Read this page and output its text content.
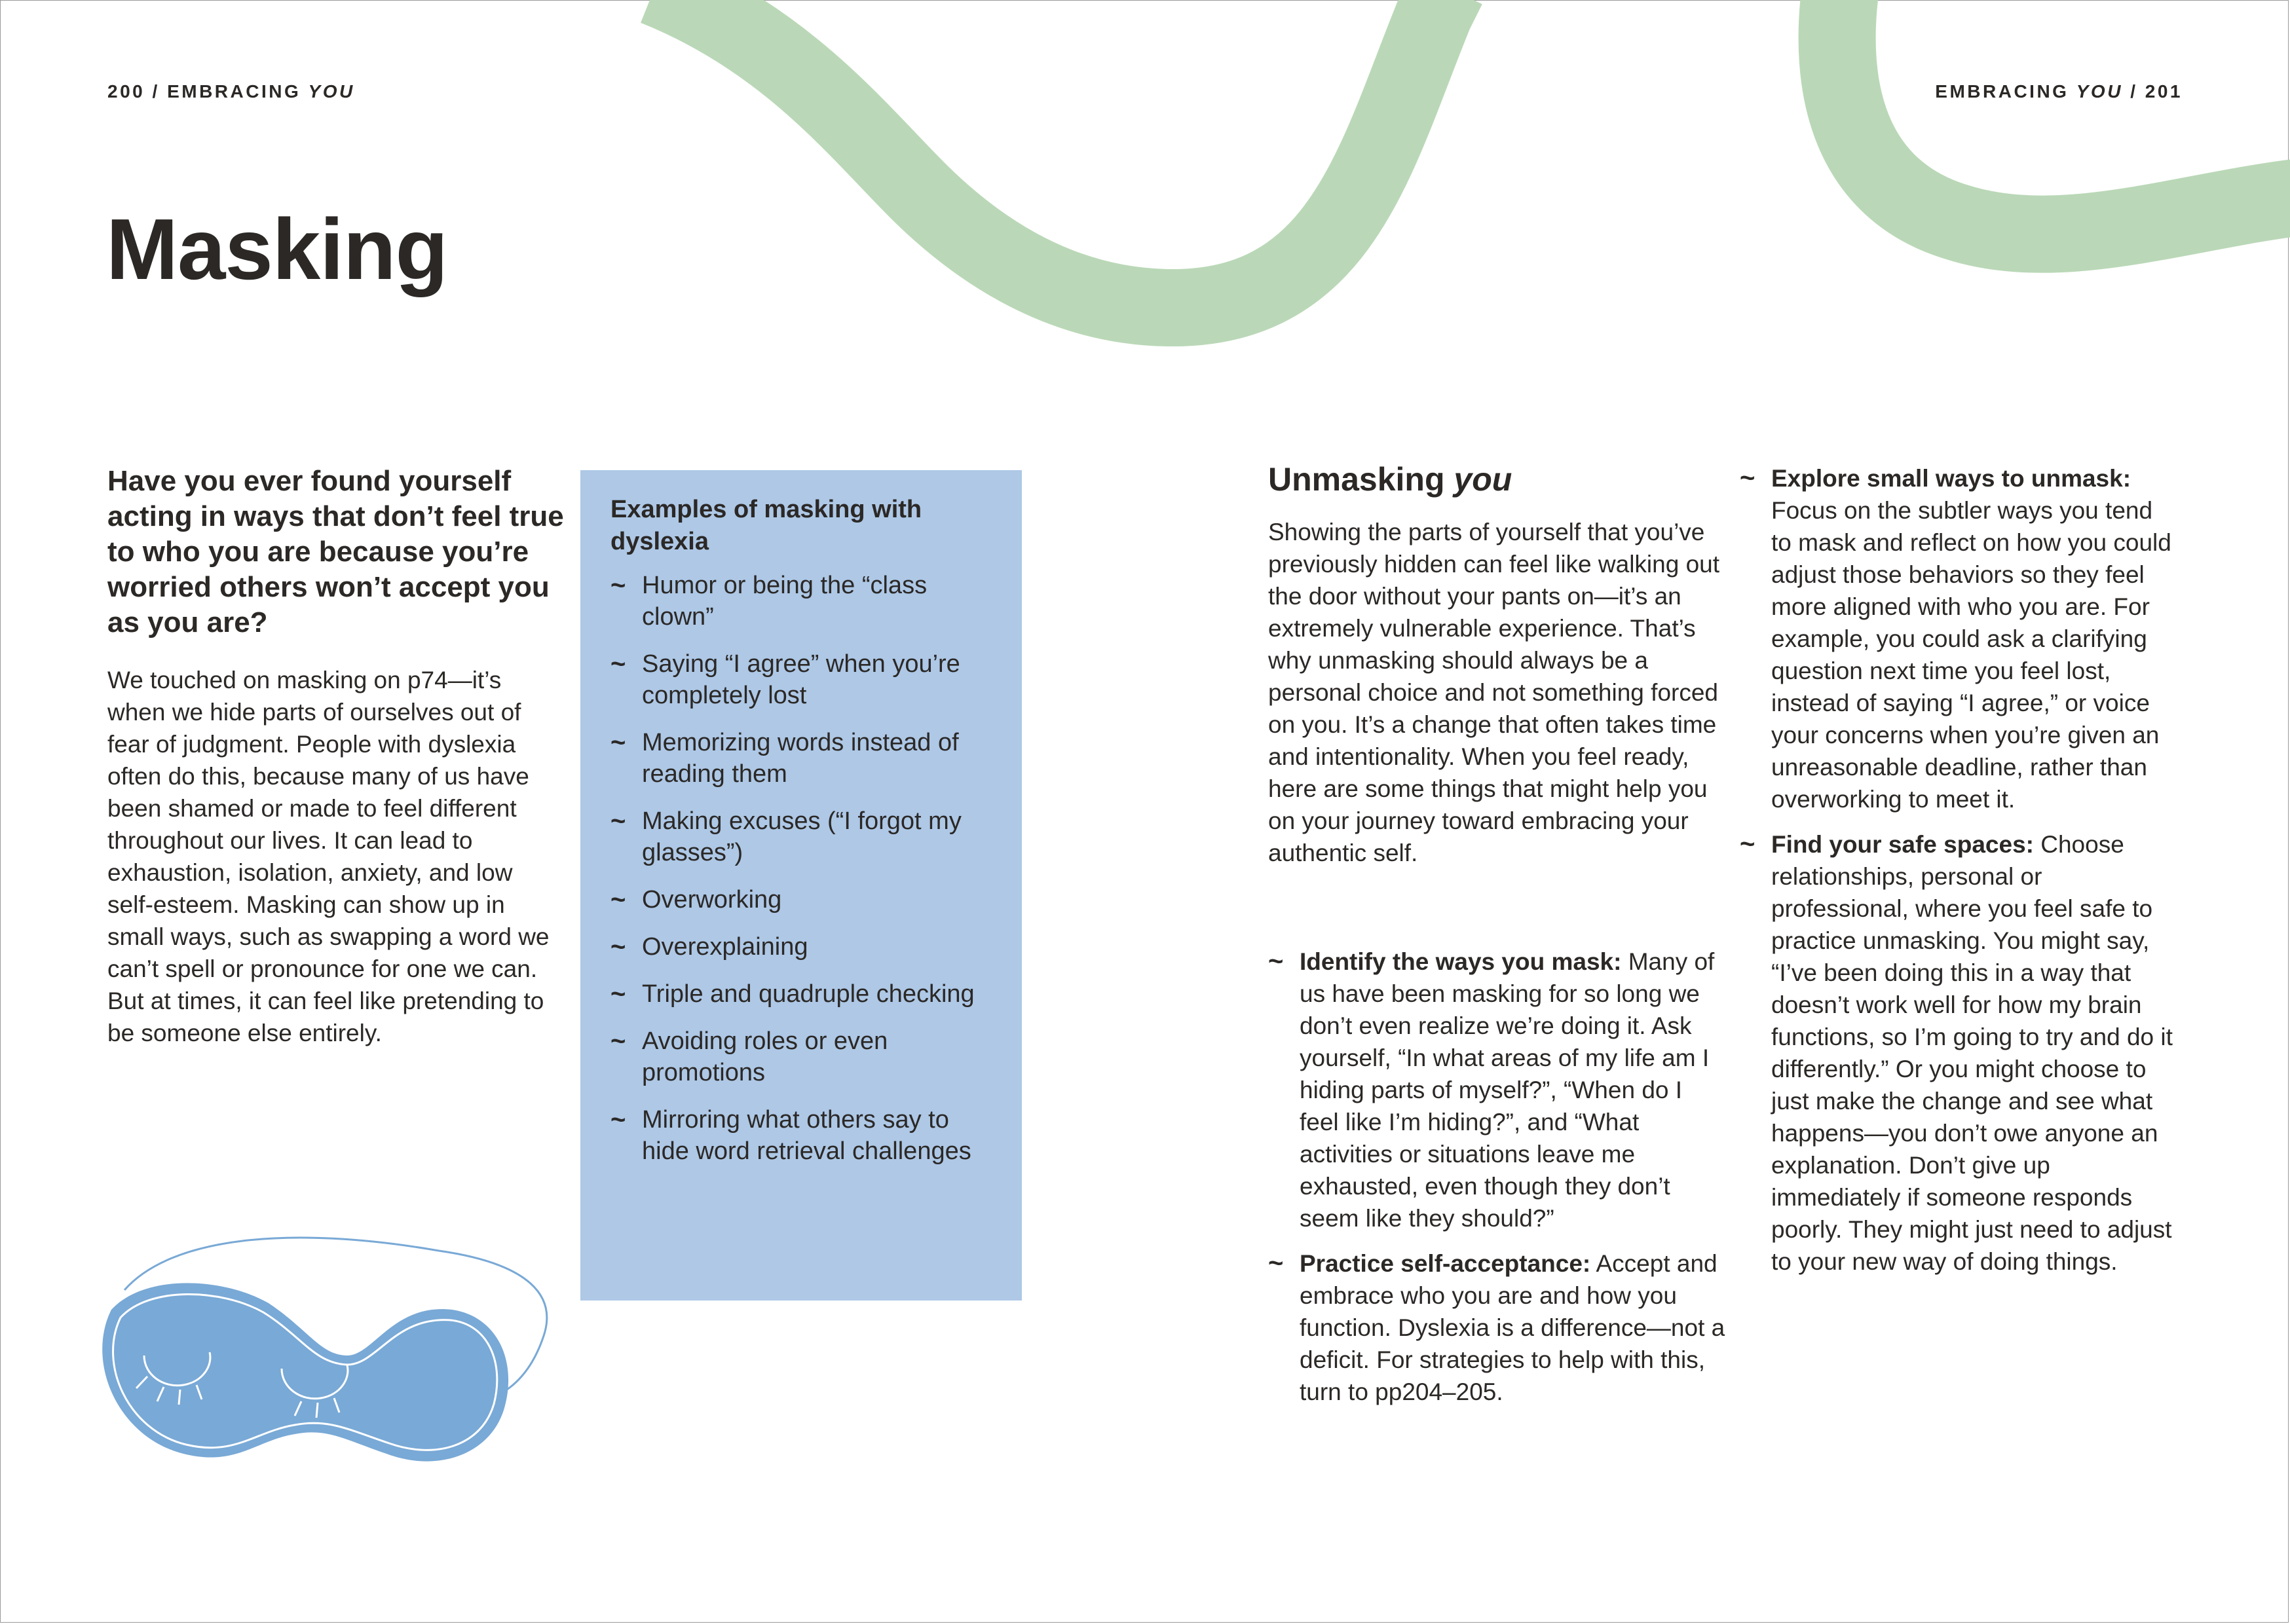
200 / EMBRACING YOU	EMBRACING YOU / 201
Masking

Have you ever found yourself acting in ways that don’t feel true to who you are because you’re worried others won’t accept you as you are?

We touched on masking on p74—it’s when we hide parts of ourselves out of fear of judgment. People with dyslexia often do this, because many of us have been shamed or made to feel different throughout our lives. It can lead to exhaustion, isolation, anxiety, and low self-esteem. Masking can show up in small ways, such as swapping a word we can’t spell or pronounce for one we can. But at times, it can feel like pretending to be someone else entirely.

Examples of masking with dyslexia

~ Humor or being the “class clown”
~ Saying “I agree” when you’re completely lost
~ Memorizing words instead of reading them
~ Making excuses (“I forgot my glasses”)
~ Overworking
~ Overexplaining
~ Triple and quadruple checking
~ Avoiding roles or even promotions
~ Mirroring what others say to hide word retrieval challenges
Unmasking you

Showing the parts of yourself that you’ve previously hidden can feel like walking out the door without your pants on—it’s an extremely vulnerable experience. That’s why unmasking should always be a personal choice and not something forced on you. It’s a change that often takes time and intentionality. When you feel ready, here are some things that might help you on your journey toward embracing your authentic self.

~ Identify the ways you mask: Many of us have been masking for so long we don’t even realize we’re doing it. Ask yourself, “In what areas of my life am I hiding parts of myself?”, “When do I feel like I’m hiding?”, and “What activities or situations leave me exhausted, even though they don’t seem like they should?”
~ Practice self-acceptance: Accept and embrace who you are and how you function. Dyslexia is a difference—not a deficit. For strategies to help with this, turn to pp204–205.
~ Explore small ways to unmask: Focus on the subtler ways you tend to mask and reflect on how you could adjust those behaviors so they feel more aligned with who you are. For example, you could ask a clarifying question next time you feel lost, instead of saying “I agree,” or voice your concerns when you’re given an unreasonable deadline, rather than overworking to meet it.
~ Find your safe spaces: Choose relationships, personal or professional, where you feel safe to practice unmasking. You might say, “I’ve been doing this in a way that doesn’t work well for how my brain functions, so I’m going to try and do it differently.” Or you might choose to just make the change and see what happens—you don’t owe anyone an explanation. Don’t give up immediately if someone responds poorly. They might just need to adjust to your new way of doing things.
